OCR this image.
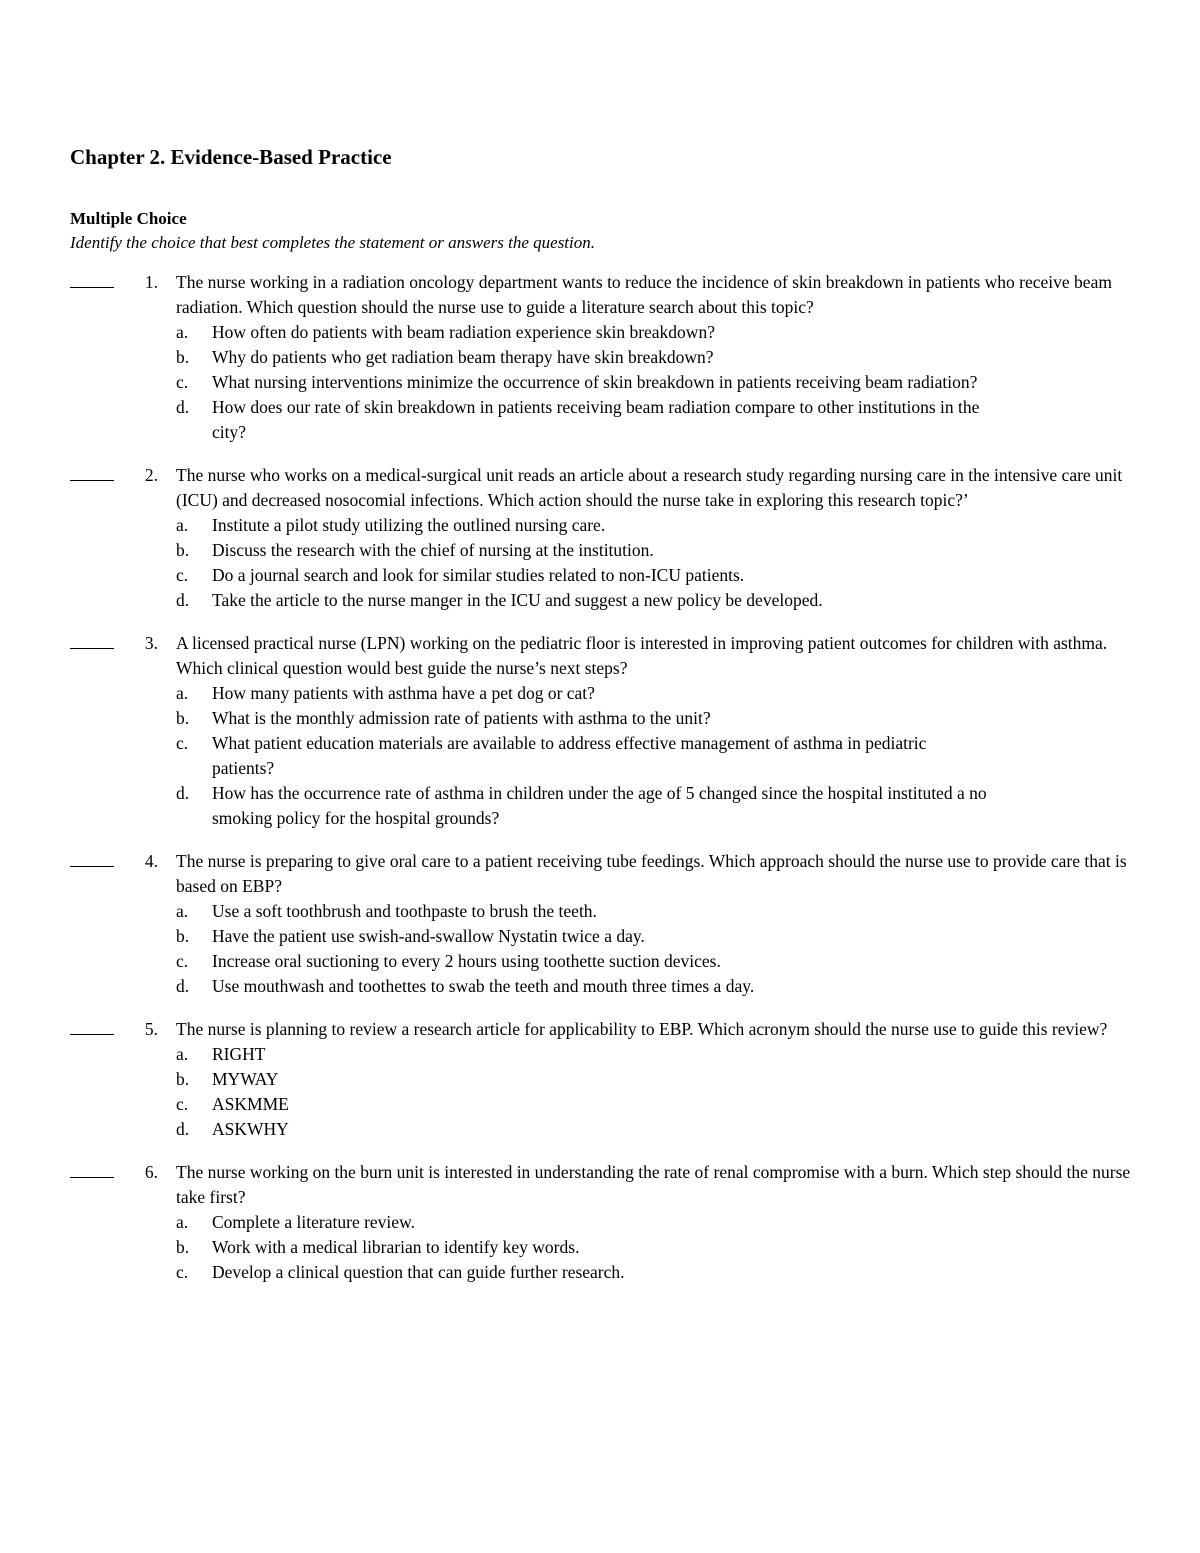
Chapter 2. Evidence-Based Practice
Multiple Choice
Identify the choice that best completes the statement or answers the question.
1. The nurse working in a radiation oncology department wants to reduce the incidence of skin breakdown in patients who receive beam radiation. Which question should the nurse use to guide a literature search about this topic?
a. How often do patients with beam radiation experience skin breakdown?
b. Why do patients who get radiation beam therapy have skin breakdown?
c. What nursing interventions minimize the occurrence of skin breakdown in patients receiving beam radiation?
d. How does our rate of skin breakdown in patients receiving beam radiation compare to other institutions in the city?
2. The nurse who works on a medical-surgical unit reads an article about a research study regarding nursing care in the intensive care unit (ICU) and decreased nosocomial infections. Which action should the nurse take in exploring this research topic?’
a. Institute a pilot study utilizing the outlined nursing care.
b. Discuss the research with the chief of nursing at the institution.
c. Do a journal search and look for similar studies related to non-ICU patients.
d. Take the article to the nurse manger in the ICU and suggest a new policy be developed.
3. A licensed practical nurse (LPN) working on the pediatric floor is interested in improving patient outcomes for children with asthma. Which clinical question would best guide the nurse’s next steps?
a. How many patients with asthma have a pet dog or cat?
b. What is the monthly admission rate of patients with asthma to the unit?
c. What patient education materials are available to address effective management of asthma in pediatric patients?
d. How has the occurrence rate of asthma in children under the age of 5 changed since the hospital instituted a no smoking policy for the hospital grounds?
4. The nurse is preparing to give oral care to a patient receiving tube feedings. Which approach should the nurse use to provide care that is based on EBP?
a. Use a soft toothbrush and toothpaste to brush the teeth.
b. Have the patient use swish-and-swallow Nystatin twice a day.
c. Increase oral suctioning to every 2 hours using toothette suction devices.
d. Use mouthwash and toothettes to swab the teeth and mouth three times a day.
5. The nurse is planning to review a research article for applicability to EBP. Which acronym should the nurse use to guide this review?
a. RIGHT
b. MYWAY
c. ASKMME
d. ASKWHY
6. The nurse working on the burn unit is interested in understanding the rate of renal compromise with a burn. Which step should the nurse take first?
a. Complete a literature review.
b. Work with a medical librarian to identify key words.
c. Develop a clinical question that can guide further research.
